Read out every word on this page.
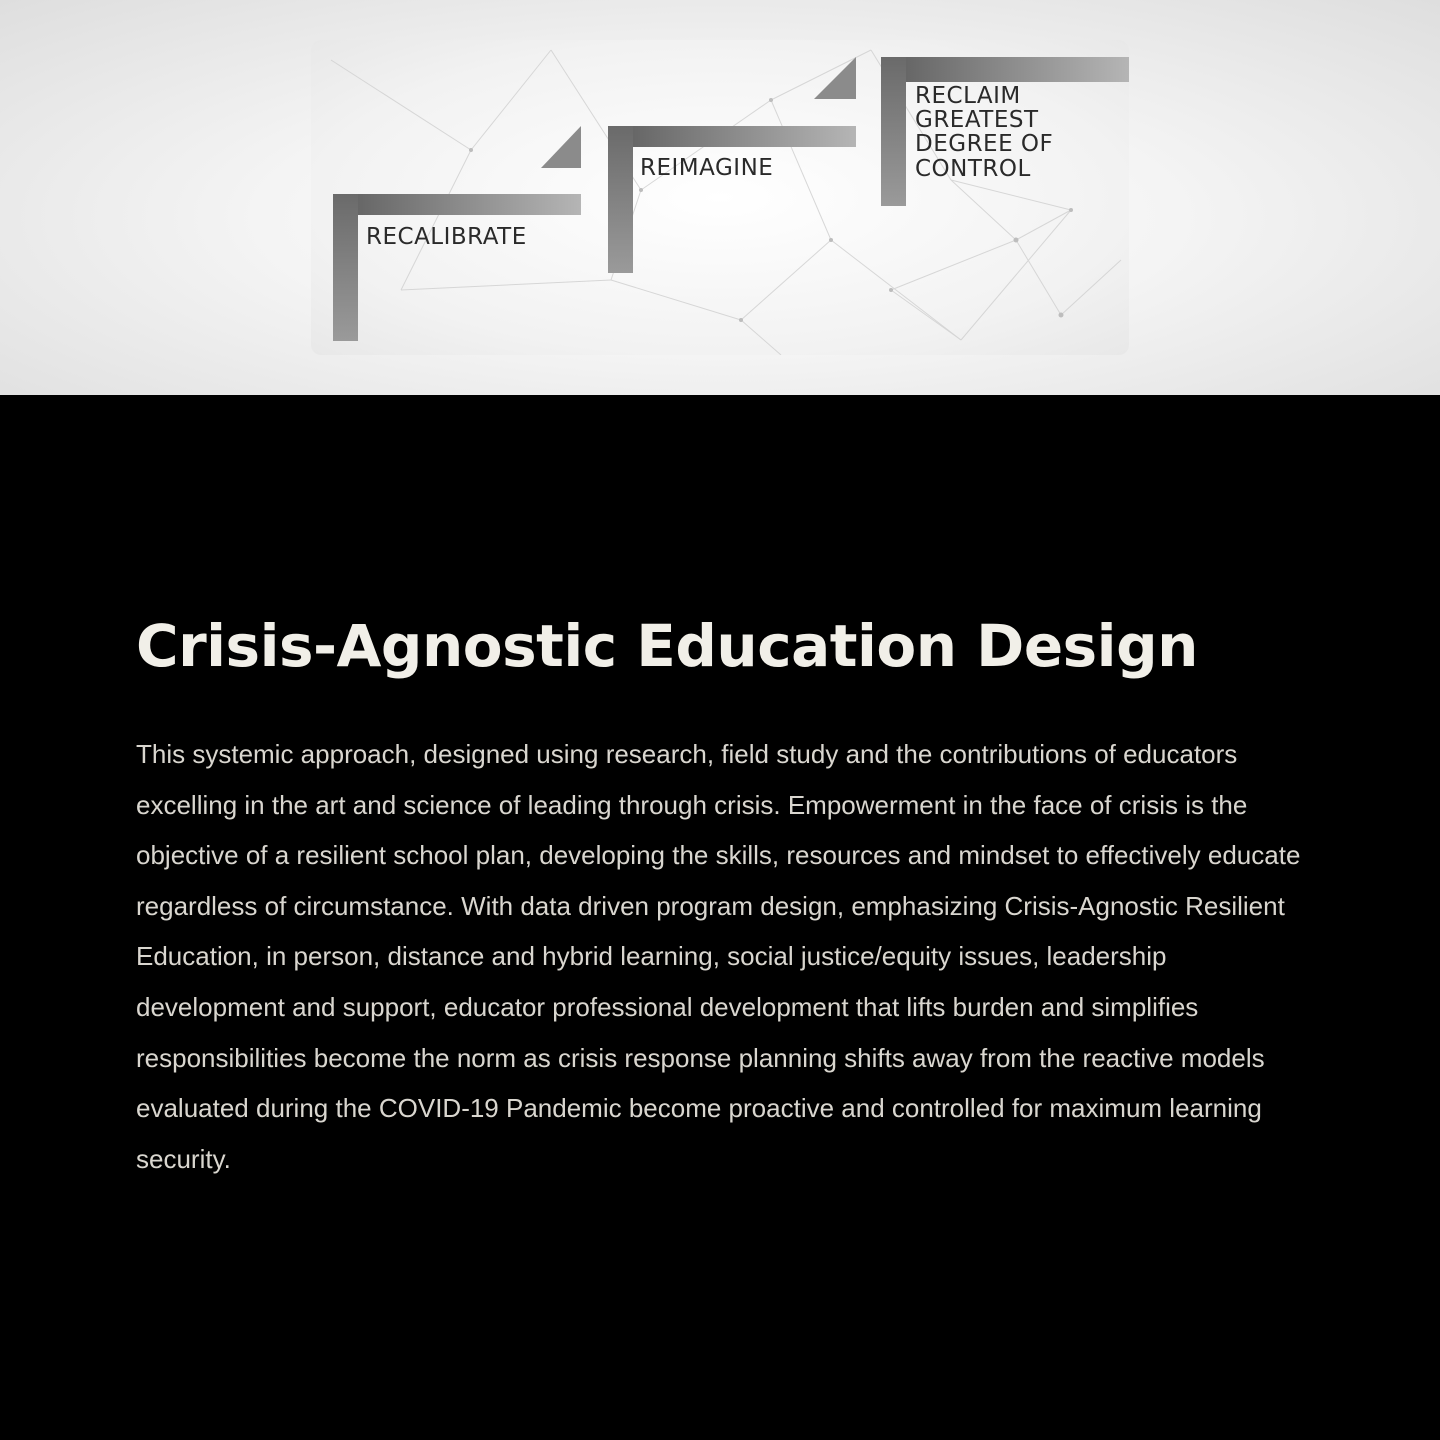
RECALIBRATE
REIMAGINE
RECLAIM
GREATEST
DEGREE OF
CONTROL
Crisis-Agnostic Education Design

This systemic approach, designed using research, field study and the contributions of educators excelling in the art and science of leading through crisis. Empowerment in the face of crisis is the objective of a resilient school plan, developing the skills, resources and mindset to effectively educate regardless of circumstance. With data driven program design, emphasizing Crisis-Agnostic Resilient Education, in person, distance and hybrid learning, social justice/equity issues, leadership development and support, educator professional development that lifts burden and simplifies responsibilities become the norm as crisis response planning shifts away from the reactive models evaluated during the COVID-19 Pandemic become proactive and controlled for maximum learning security.
